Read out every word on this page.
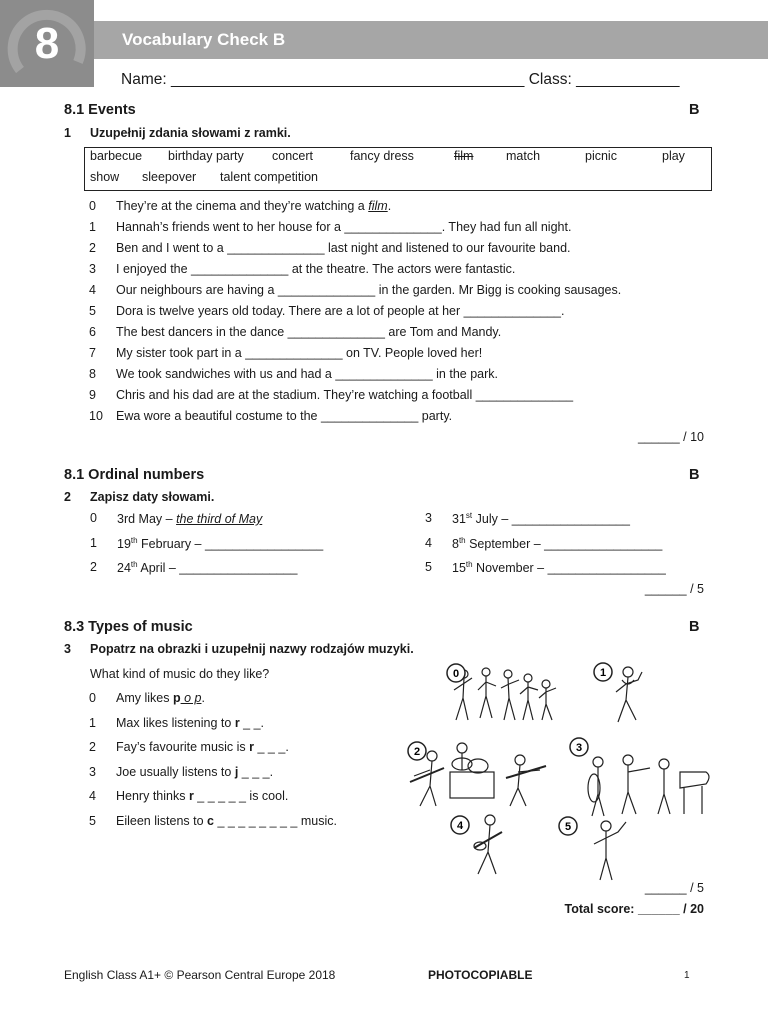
8	Vocabulary Check B
Name: _________________________________________ Class: ____________
8.1 Events	B
1 Uzupełnij zdania słowami z ramki.
barbecue birthday party concert	fancy dress	film	match	picnic	play
show sleepover talent competition
0	They’re at the cinema and they’re watching a film.
1	Hannah’s friends went to her house for a ______________. They had fun all night.
2	Ben and I went to a ______________ last night and listened to our favourite band.
3	I enjoyed the ______________ at the theatre. The actors were fantastic.
4	Our neighbours are having a ______________ in the garden. Mr Bigg is cooking sausages.
5	Dora is twelve years old today. There are a lot of people at her ______________.
6	The best dancers in the dance ______________ are Tom and Mandy.
7	My sister took part in a ______________ on TV. People loved her!
8	We took sandwiches with us and had a ______________ in the park.
9	Chris and his dad are at the stadium. They’re watching a football ______________
10	Ewa wore a beautiful costume to the ______________ party.
______ / 10
8.1 Ordinal numbers	B
2 Zapisz daty słowami.
0	3rd May – the third of May
1	19th February – _________________
2	24th April – _________________
3	31st July – _________________
4	8th September – _________________
5	15th November – _________________
______ / 5
8.3 Types of music	B
3 Popatrz na obrazki i uzupełnij nazwy rodzajów muzyki.
What kind of music do they like?
0	Amy likes p o p.
1	Max likes listening to r _ _.
2	Fay’s favourite music is r _ _ _.
3	Joe usually listens to j _ _ _.
4	Henry thinks r _ _ _ _ _ is cool.
5	Eileen listens to c _ _ _ _ _ _ _ _ music.
0	1
2	3
4	5
______ / 5
Total score: ______ / 20
English Class A1+ © Pearson Central Europe 2018	PHOTOCOPIABLE	1
